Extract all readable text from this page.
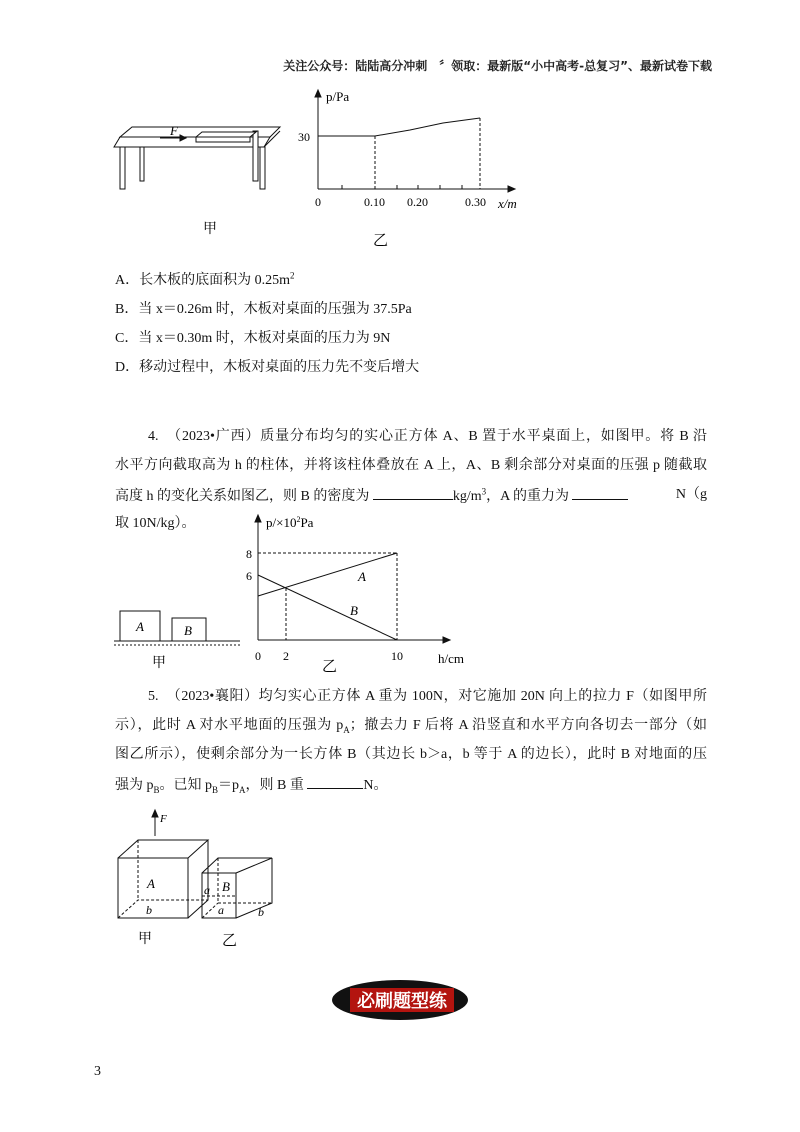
关注公众号：陆陆高分冲刺　〞领取：最新版“小中高考-总复习”、最新试卷下载
F
甲
p/Pa
30
0	0.10 0.20	0.30 x/m
乙
A．长木板的底面积为 $0.25m^2$
B．当 x＝0.26m 时，木板对桌面的压强为 37.5Pa
C．当 x＝0.30m 时，木板对桌面的压力为 9N
D．移动过程中，木板对桌面的压力先不变后增大
4.　（2023•广西）质量分布均匀的实心正方体 A、B 置于水平桌面上，如图甲。将 B 沿
水平方向截取高为 h 的柱体，并将该柱体叠放在 A 上，A、B 剩余部分对桌面的压强 p 随截取
高度 h 的变化关系如图乙，则 B 的密度为	$kg/m^3$，A 的重力为	N（g
取 10N/kg）。
A	B
甲
$p/\times 10^2Pa$
8
6
0 2	10	h/cm
A
B
乙
5.　（2023•襄阳）均匀实心正方体 A 重为 100N，对它施加 20N 向上的拉力 F（如图甲所
示），此时 A 对水平地面的压强为 $p_A$；撤去力 F 后将 A 沿竖直和水平方向各切去一部分（如
图乙所示），使剩余部分为一长方体 B（其边长 b＞a，b 等于 A 的边长），此时 B 对地面的压
强为 $p_B$。已知 $p_B=p_A$，则 B 重	N。
F
A
b
B
a
a	b
甲	乙
必刷题型练
3
